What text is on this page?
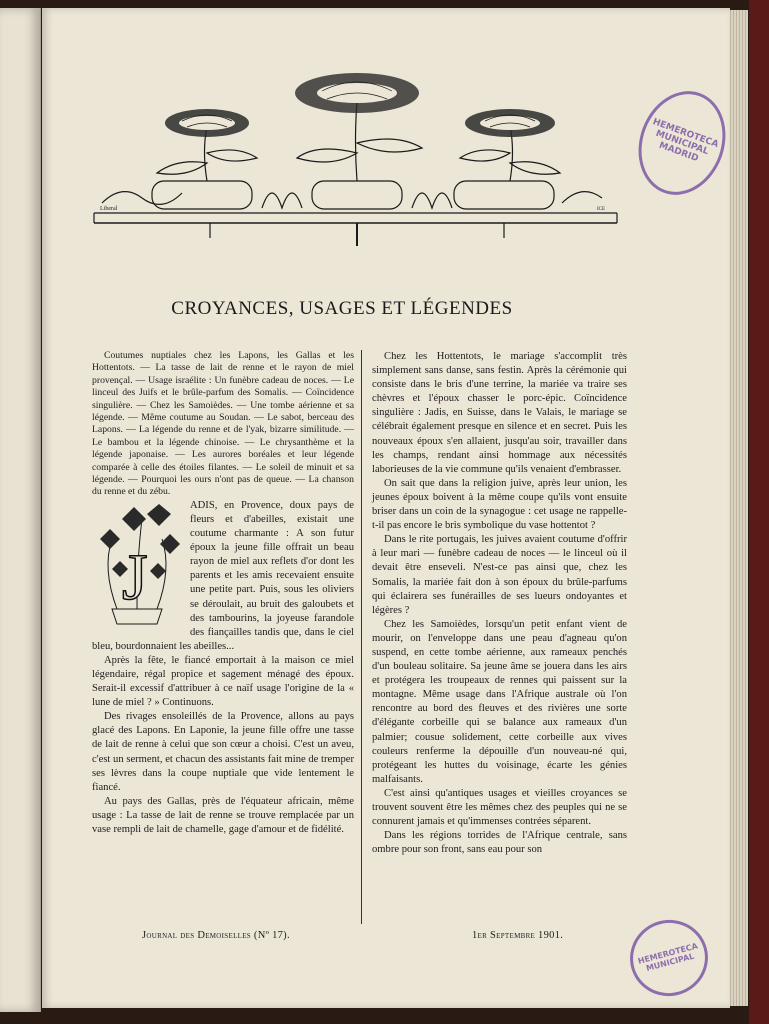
Liberal	ICE
HEMEROTECA MUNICIPAL MADRID
CROYANCES, USAGES ET LÉGENDES

Coutumes nuptiales chez les Lapons, les Gallas et les Hottentots. — La tasse de lait de renne et le rayon de miel provençal. — Usage israélite : Un funèbre cadeau de noces. — Le linceul des Juifs et le brûle-parfum des Somalis. — Coïncidence singulière. — Chez les Samoièdes. — Une tombe aérienne et sa légende. — Même coutume au Soudan. — Le sabot, berceau des Lapons. — La légende du renne et de l'yak, bizarre similitude. — Le bambou et la légende chinoise. — Le chrysanthème et la légende japonaise. — Les aurores boréales et leur légende comparée à celle des étoiles filantes. — Le soleil de minuit et sa légende. — Pourquoi les ours n'ont pas de queue. — La chanson du renne et du zébu.

J

ADIS, en Provence, doux pays de fleurs et d'abeilles, existait une coutume charmante : A son futur époux la jeune fille offrait un beau rayon de miel aux reflets d'or dont les parents et les amis recevaient ensuite une petite part. Puis, sous les oliviers se déroulait, au bruit des galoubets et des tambourins, la joyeuse farandole des fiançailles tandis que, dans le ciel bleu, bourdonnaient les abeilles...

Après la fête, le fiancé emportait à la maison ce miel légendaire, régal propice et sagement ménagé des époux. Serait-il excessif d'attribuer à ce naïf usage l'origine de la « lune de miel ? » Continuons.

Des rivages ensoleillés de la Provence, allons au pays glacé des Lapons. En Laponie, la jeune fille offre une tasse de lait de renne à celui que son cœur a choisi. C'est un aveu, c'est un serment, et chacun des assistants fait mine de tremper ses lèvres dans la coupe nuptiale que vide lentement le fiancé.

Au pays des Gallas, près de l'équateur africain, même usage : La tasse de lait de renne se trouve remplacée par un vase rempli de lait de chamelle, gage d'amour et de fidélité.

Chez les Hottentots, le mariage s'accomplit très simplement sans danse, sans festin. Après la cérémonie qui consiste dans le bris d'une terrine, la mariée va traire ses chèvres et l'époux chasser le porc-épic. Coïncidence singulière : Jadis, en Suisse, dans le Valais, le mariage se célébrait également presque en silence et en secret. Puis les nouveaux époux s'en allaient, jusqu'au soir, travailler dans les champs, rendant ainsi hommage aux nécessités laborieuses de la vie commune qu'ils venaient d'embrasser.

On sait que dans la religion juive, après leur union, les jeunes époux boivent à la même coupe qu'ils vont ensuite briser dans un coin de la synagogue : cet usage ne rappelle-t-il pas encore le bris symbolique du vase hottentot ?

Dans le rite portugais, les juives avaient coutume d'offrir à leur mari — funèbre cadeau de noces — le linceul où il devait être enseveli. N'est-ce pas ainsi que, chez les Somalis, la mariée fait don à son époux du brûle-parfums qui éclairera ses funérailles de ses lueurs ondoyantes et légères ?

Chez les Samoièdes, lorsqu'un petit enfant vient de mourir, on l'enveloppe dans une peau d'agneau qu'on suspend, en cette tombe aérienne, aux rameaux penchés d'un bouleau solitaire. Sa jeune âme se jouera dans les airs et protégera les troupeaux de rennes qui paissent sur la montagne. Même usage dans l'Afrique australe où l'on rencontre au bord des fleuves et des rivières une sorte d'élégante corbeille qui se balance aux rameaux d'un palmier; cousue solidement, cette corbeille aux vives couleurs renferme la dépouille d'un nouveau-né qui, protégeant les huttes du voisinage, écarte les génies malfaisants.

C'est ainsi qu'antiques usages et vieilles croyances se trouvent souvent être les mêmes chez des peuples qui ne se connurent jamais et qu'immenses contrées séparent.

Dans les régions torrides de l'Afrique centrale, sans ombre pour son front, sans eau pour son

Journal des Demoiselles (Nº 17).	1er Septembre 1901.
HEMEROTECA MUNICIPAL
